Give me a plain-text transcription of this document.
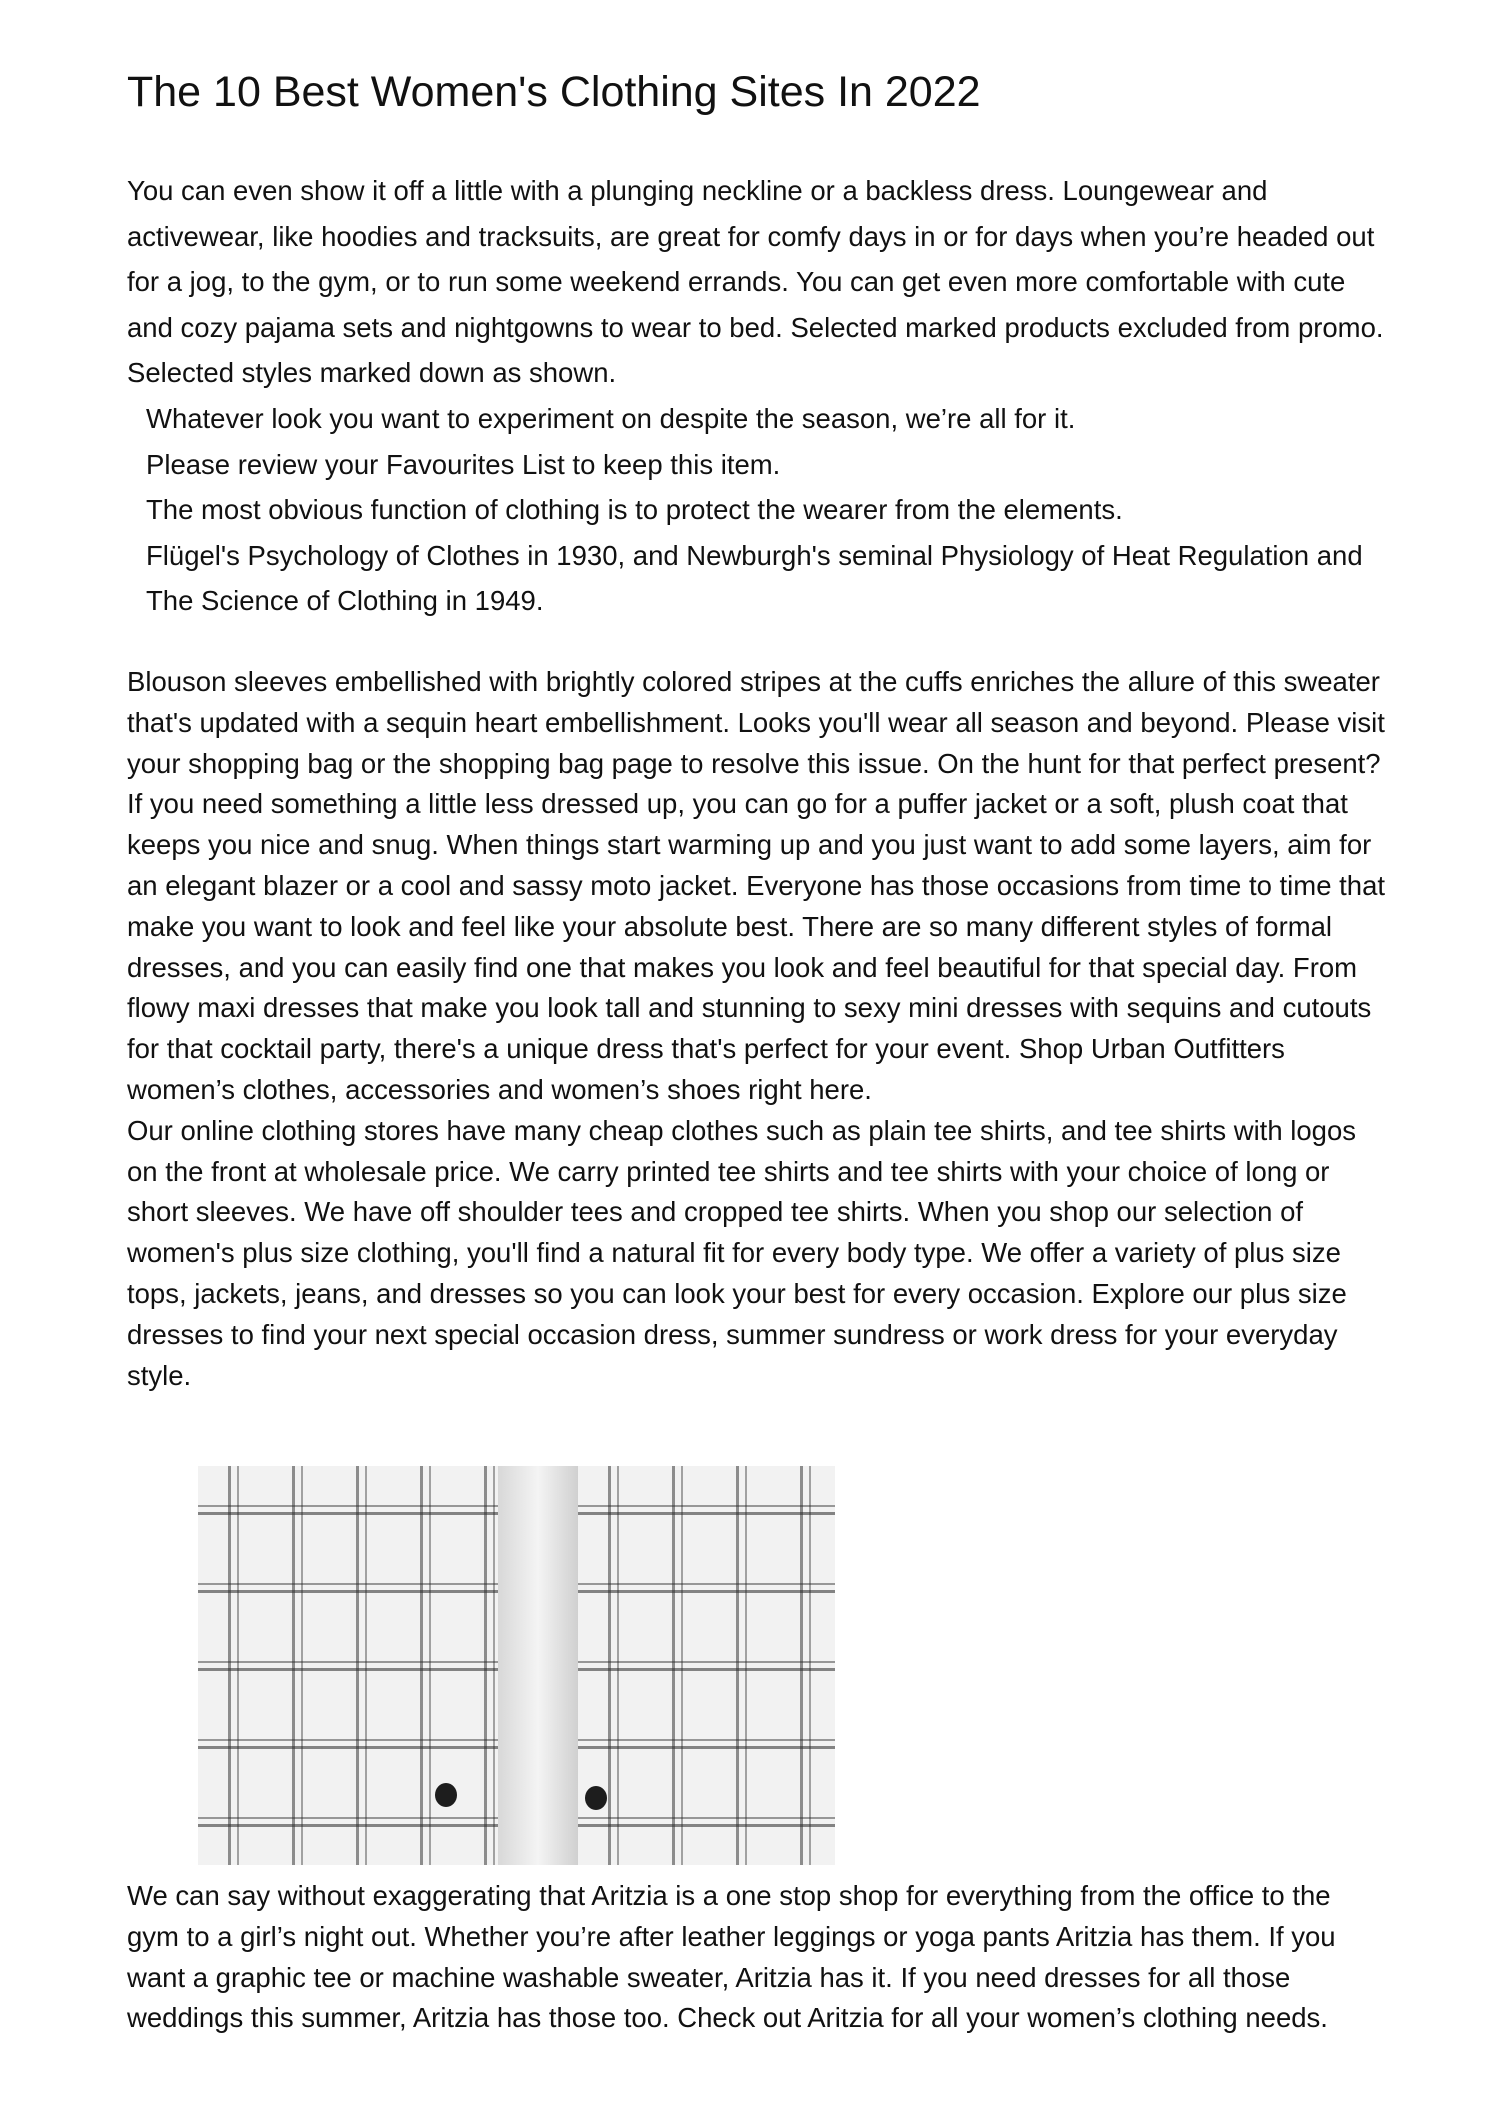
The 10 Best Women's Clothing Sites In 2022

You can even show it off a little with a plunging neckline or a backless dress. Loungewear and activewear, like hoodies and tracksuits, are great for comfy days in or for days when you’re headed out for a jog, to the gym, or to run some weekend errands. You can get even more comfortable with cute and cozy pajama sets and nightgowns to wear to bed. Selected marked products excluded from promo. Selected styles marked down as shown.

Whatever look you want to experiment on despite the season, we’re all for it.
Please review your Favourites List to keep this item.
The most obvious function of clothing is to protect the wearer from the elements.
Flügel's Psychology of Clothes in 1930, and Newburgh's seminal Physiology of Heat Regulation and The Science of Clothing in 1949.

Blouson sleeves embellished with brightly colored stripes at the cuffs enriches the allure of this sweater that's updated with a sequin heart embellishment. Looks you'll wear all season and beyond. Please visit your shopping bag or the shopping bag page to resolve this issue. On the hunt for that perfect present?

If you need something a little less dressed up, you can go for a puffer jacket or a soft, plush coat that keeps you nice and snug. When things start warming up and you just want to add some layers, aim for an elegant blazer or a cool and sassy moto jacket. Everyone has those occasions from time to time that make you want to look and feel like your absolute best. There are so many different styles of formal dresses, and you can easily find one that makes you look and feel beautiful for that special day. From flowy maxi dresses that make you look tall and stunning to sexy mini dresses with sequins and cutouts for that cocktail party, there's a unique dress that's perfect for your event. Shop Urban Outfitters women’s clothes, accessories and women’s shoes right here.

Our online clothing stores have many cheap clothes such as plain tee shirts, and tee shirts with logos on the front at wholesale price. We carry printed tee shirts and tee shirts with your choice of long or short sleeves. We have off shoulder tees and cropped tee shirts. When you shop our selection of women's plus size clothing, you'll find a natural fit for every body type. We offer a variety of plus size tops, jackets, jeans, and dresses so you can look your best for every occasion. Explore our plus size dresses to find your next special occasion dress, summer sundress or work dress for your everyday style.

We can say without exaggerating that Aritzia is a one stop shop for everything from the office to the gym to a girl’s night out. Whether you’re after leather leggings or yoga pants Aritzia has them. If you want a graphic tee or machine washable sweater, Aritzia has it. If you need dresses for all those weddings this summer, Aritzia has those too. Check out Aritzia for all your women’s clothing needs.
